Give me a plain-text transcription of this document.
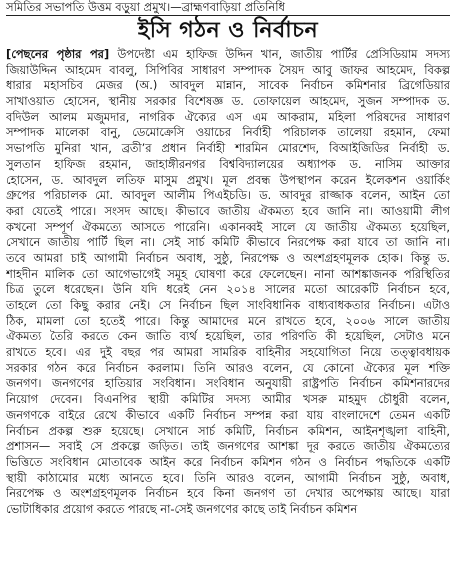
সমিতির সভাপতি উত্তম বড়ুয়া প্রমুখ।—ব্রাহ্মণবাড়িয়া প্রতিনিধি
ইসি গঠন ও নির্বাচন
[পেছনের পৃষ্ঠার পর] উপদেষ্টা এম হাফিজ উদ্দিন খান, জাতীয় পার্টির প্রেসিডিয়াম সদস্য
জিয়াউদ্দিন আহমেদ বাবলু, সিপিবির সাধারণ সম্পাদক সৈয়দ আবু জাফর আহমেদ, বিকল্প
ধারার মহাসচিব মেজর (অ.) আবদুল মান্নান, সাবেক নির্বাচন কমিশনার ব্রিগেডিয়ার
সাখাওয়াত হোসেন, স্থানীয় সরকার বিশেষজ্ঞ ড. তোফায়েল আহমেদ, সুজন সম্পাদক ড.
বদিউল আলম মজুমদার, নাগরিক ঐক্যের এস এম আকরাম, মহিলা পরিষদের সাধারণ
সম্পাদক মালেকা বানু, ডেমোক্রেসি ওয়াচের নির্বাহী পরিচালক তালেয়া রহমান, ফেমা
সভাপতি মুনিরা খান, ব্রতী’র প্রধান নির্বাহী শারমিন মোরশেদ, বিআইজিডির নির্বাহী ড.
সুলতান হাফিজ রহমান, জাহাঙ্গীরনগর বিশ্ববিদ্যালয়ের অধ্যাপক ড. নাসিম আক্তার
হোসেন, ড. আবদুল লতিফ মাসুম প্রমুখ। মূল প্রবন্ধ উপস্থাপন করেন ইলেকশন ওয়ার্কিং
গ্রুপের পরিচালক মো. আবদুল আলীম পিএইচডি। ড. আবদুর রাজ্জাক বলেন, আইন তো
করা যেতেই পারে। সংসদ আছে। কীভাবে জাতীয় ঐকমত্য হবে জানি না। আওয়ামী লীগ
কখনো সম্পূর্ণ ঐকমত্যে আসতে পারেনি। একানব্বই সালে যে জাতীয় ঐকমত্য হয়েছিল,
সেখানে জাতীয় পার্টি ছিল না। সেই সার্চ কমিটি কীভাবে নিরপেক্ষ করা যাবে তা জানি না।
তবে আমরা চাই আগামী নির্বাচন অবাধ, সুষ্ঠু, নিরপেক্ষ ও অংশগ্রহণমূলক হোক। কিন্তু ড.
শাহদীন মালিক তো আগেভাগেই সমূহ ঘোষণা করে ফেলেছেন। নানা আশঙ্কাজনক পরিস্থিতির
চিত্র তুলে ধরেছেন। উনি যদি ধরেই নেন ২০১৪ সালের মতো আরেকটি নির্বাচন হবে,
তাহলে তো কিছু করার নেই। সে নির্বাচন ছিল সাংবিধানিক বাধ্যবাধকতার নির্বাচন। এটাও
ঠিক, মামলা তো হতেই পারে। কিন্তু আমাদের মনে রাখতে হবে, ২০০৬ সালে জাতীয়
ঐকমত্য তৈরি করতে কেন জাতি ব্যর্থ হয়েছিল, তার পরিণতি কী হয়েছিল, সেটাও মনে
রাখতে হবে। এর দুই বছর পর আমরা সামরিক বাহিনীর সহযোগিতা নিয়ে তত্ত্বাবধায়ক
সরকার গঠন করে নির্বাচন করলাম। তিনি আরও বলেন, যে কোনো ঐক্যের মূল শক্তি
জনগণ। জনগণের হাতিয়ার সংবিধান। সংবিধান অনুযায়ী রাষ্ট্রপতি নির্বাচন কমিশনারদের
নিয়োগ দেবেন। বিএনপির স্থায়ী কমিটির সদস্য আমীর খসরু মাহমুদ চৌধুরী বলেন,
জনগণকে বাইরে রেখে কীভাবে একটি নির্বাচন সম্পন্ন করা যায় বাংলাদেশে তেমন একটি
নির্বাচন প্রকল্প শুরু হয়েছে। সেখানে সার্চ কমিটি, নির্বাচন কমিশন, আইনশৃঙ্খলা বাহিনী,
প্রশাসন— সবাই সে প্রকল্পে জড়িত। তাই জনগণের আশঙ্কা দূর করতে জাতীয় ঐকমত্যের
ভিত্তিতে সংবিধান মোতাবেক আইন করে নির্বাচন কমিশন গঠন ও নির্বাচন পদ্ধতিকে একটি
স্থায়ী কাঠামোর মধ্যে আনতে হবে। তিনি আরও বলেন, আগামী নির্বাচন সুষ্ঠু, অবাধ,
নিরপেক্ষ ও অংশগ্রহণমূলক নির্বাচন হবে কিনা জনগণ তা দেখার অপেক্ষায় আছে। যারা
ভোটাধিকার প্রয়োগ করতে পারছে না-সেই জনগণের কাছে তাই নির্বাচন কমিশন
